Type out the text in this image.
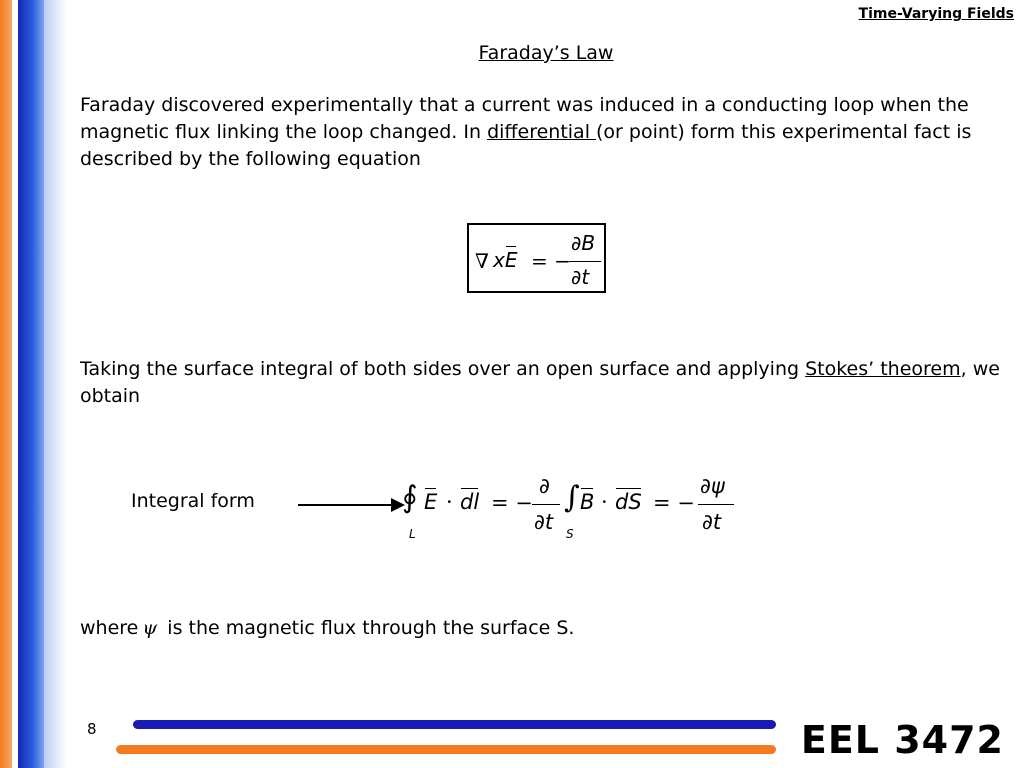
Time-Varying Fields
Faraday’s Law
Faraday discovered experimentally that a current was induced in a conducting loop when the magnetic flux linking the loop changed. In differential (or point) form this experimental fact is described by the following equation
∇ xE = −
∂B
∂t
Taking the surface integral of both sides over an open surface and applying Stokes’ theorem, we obtain
Integral form	∮
L
E · dl = −
∂
∂t
∫
S
B · dS = −
∂ψ
∂t
where ψ is the magnetic flux through the surface S.
8	EEL 3472
